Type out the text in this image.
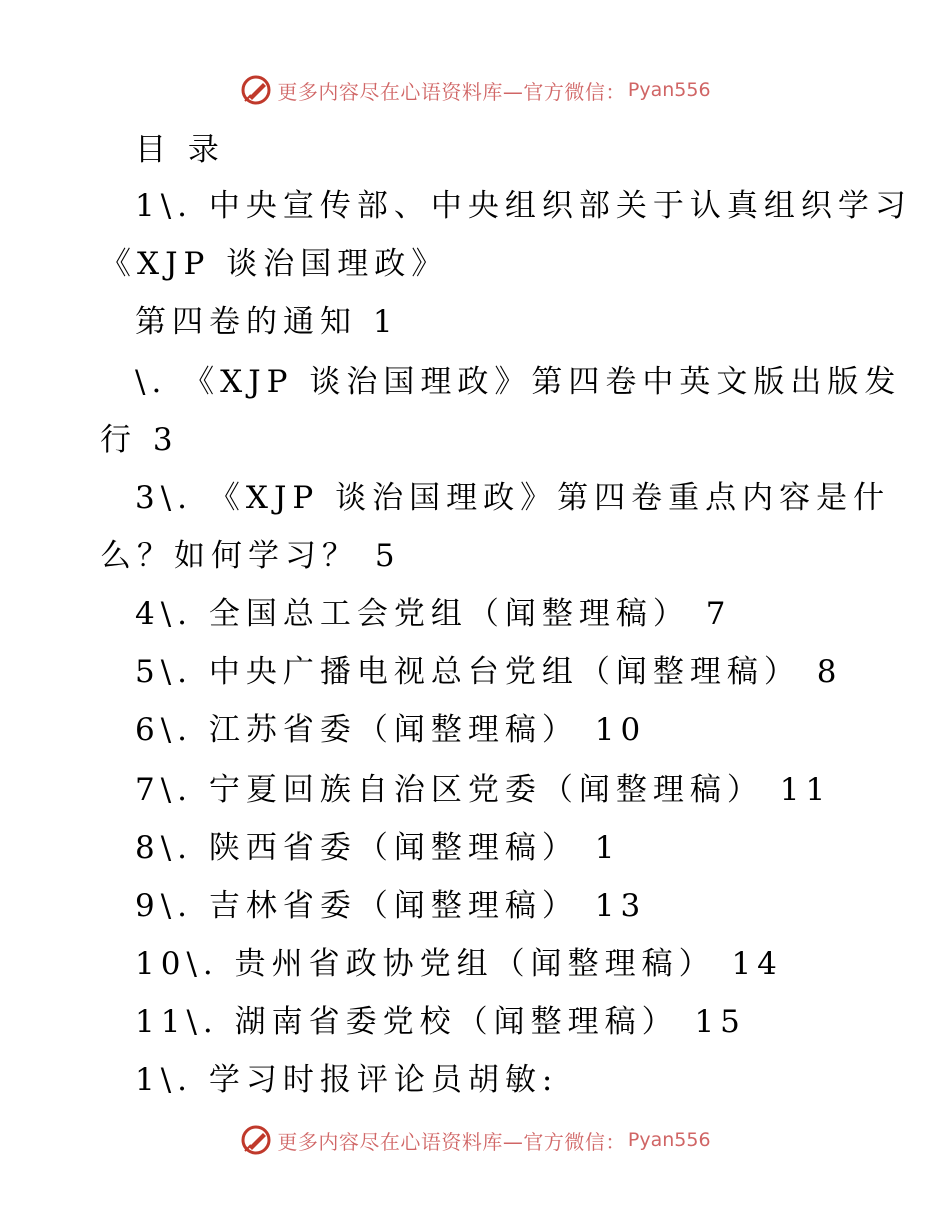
更多内容尽在心语资料库—官方微信： Pyan556
目 录
1\. 中央宣传部、中央组织部关于认真组织学习
《XJP 谈治国理政》
第四卷的通知 1
\. 《XJP 谈治国理政》第四卷中英文版出版发
行 3
3\. 《XJP 谈治国理政》第四卷重点内容是什
么？如何学习？ 5
4\. 全国总工会党组（闻整理稿） 7
5\. 中央广播电视总台党组（闻整理稿） 8
6\. 江苏省委（闻整理稿） 10
7\. 宁夏回族自治区党委（闻整理稿） 11
8\. 陕西省委（闻整理稿） 1
9\. 吉林省委（闻整理稿） 13
10\. 贵州省政协党组（闻整理稿） 14
11\. 湖南省委党校（闻整理稿） 15
1\. 学习时报评论员胡敏:
更多内容尽在心语资料库—官方微信： Pyan556
